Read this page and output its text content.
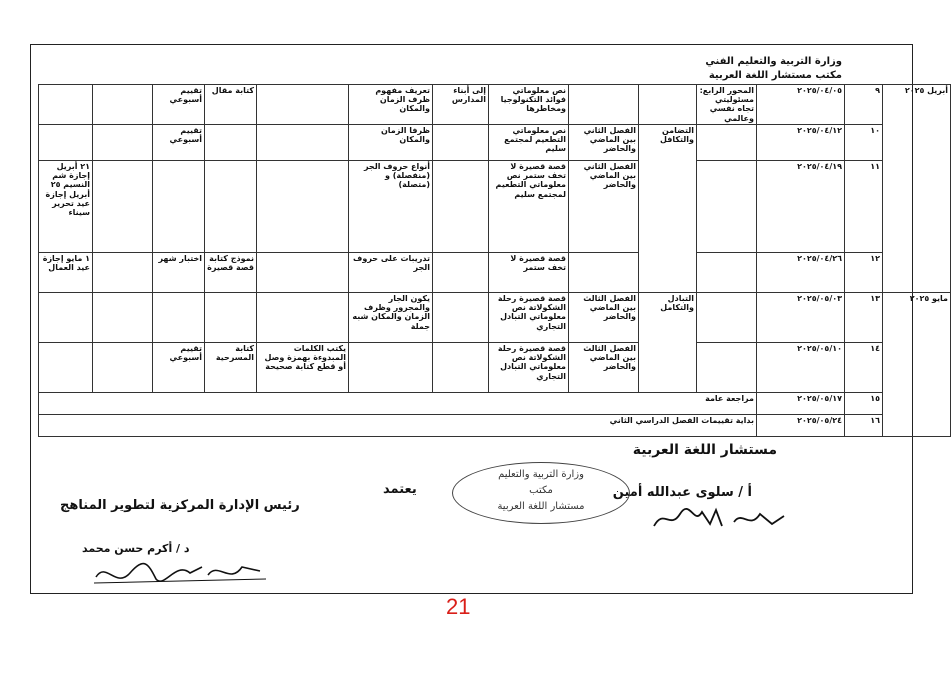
وزارة التربية والتعليم الفني
مكتب مستشار اللغة العربية
أبريل ٢٠٢٥	٩	٢٠٢٥/٠٤/٠٥	المحور الرابع: مسئوليتي تجاه نفسي وعالمي			نص معلوماتي فوائد التكنولوجيا ومخاطرها	إلى أبناء المدارس	تعريف مفهوم ظرف الزمان والمكان		كتابة مقال	تقييم أسبوعي		
	١٠	٢٠٢٥/٠٤/١٢		التضامن والتكافل	الفصل الثاني بين الماضي والحاضر	نص معلوماتي التطعيم لمجتمع سليم		ظرفا الزمان والمكان			تقييم أسبوعي		
	١١	٢٠٢٥/٠٤/١٩			الفصل الثاني بين الماضي والحاضر	قصة قصيرة لا تخف ستمر نص معلوماتي التطعيم لمجتمع سليم		أنواع حروف الجر (منفصلة) و (متصلة)					٢١ أبريل إجازة شم النسيم ٢٥ أبريل إجازة عيد تحرير سيناء
	١٢	٢٠٢٥/٠٤/٢٦				قصة قصيرة لا تخف ستمر		تدريبات على حروف الجر		نموذج كتابة قصة قصيرة	اختبار شهر		١ مايو إجازة عيد العمال
مايو ٢٠٢٥	١٣	٢٠٢٥/٠٥/٠٣		التبادل والتكامل	الفصل الثالث بين الماضي والحاضر	قصة قصيرة رحلة الشكولاتة نص معلوماتي التبادل التجاري		يكون الجار والمجرور وظرف الزمان والمكان شبه جملة					
	١٤	٢٠٢٥/٠٥/١٠			الفصل الثالث بين الماضي والحاضر	قصة قصيرة رحلة الشكولاتة نص معلوماتي التبادل التجاري			يكتب الكلمات المبدوءة بهمزة وصل أو قطع كتابة صحيحة	كتابة المسرحية	تقييم أسبوعي		
	١٥	٢٠٢٥/٠٥/١٧	مراجعة عامة										
	١٦	٢٠٢٥/٠٥/٢٤	بداية تقييمات الفصل الدراسي الثاني										
مستشار اللغة العربية
أ / سلوى عبدالله أمين
يعتمد
رئيس الإدارة المركزية لتطوير المناهج
د / أكرم حسن محمد
وزارة التربية والتعليم
مكتب
مستشار اللغة العربية
21
